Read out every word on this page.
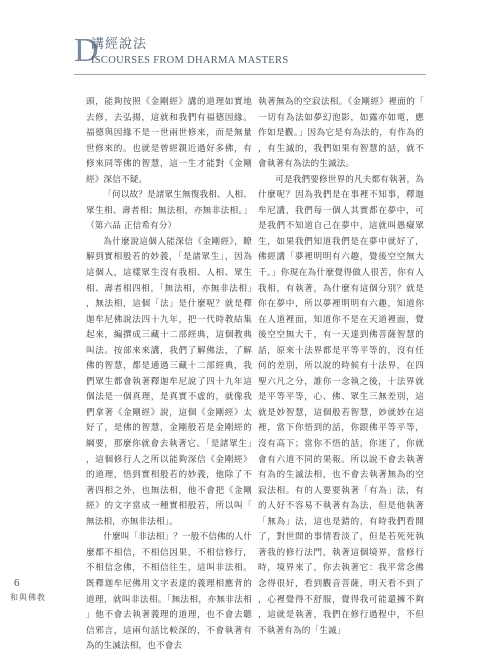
D
講經說法
ISCOURSES FROM DHARMA MASTERS

頭，能夠按照《金剛經》講的道理如實地去修，去弘揚，這就和我們有福德因緣。福德與因緣不是一世兩世修來，而是無量世修來的。也就是曾經親近過好多佛，有修來同等佛的智慧，這一生才能對《金剛經》深信不疑。

「何以故？是諸眾生無復我相、人相、眾生相、壽者相；無法相，亦無非法相。」（第六品 正信希有分）

為什麼說這個人能深信《金剛經》，瞭解到實相般若的妙義，「是諸眾生」，因為這個人，這樣眾生沒有我相、人相、眾生相、壽者相四相，「無法相，亦無非法相」，無法相，這個「法」是什麼呢？就是釋迦牟尼佛說法四十九年，把一代時教結集起來，編撰成三藏十二部經典，這個教典叫法。按部來來講，我們了解佛法，了解佛的智慧，都是通過三藏十二部經典，我們眾生都會執著釋迦牟尼說了四十九年這個法是一個真理，是真實不虛的，就像我們拿著《金剛經》說，這個《金剛經》太好了，是佛的智慧，金剛般若是金剛經的綱要，那麼你就會去執著它。「是諸眾生」，這個修行人之所以能夠深信《金剛經》的道理，悟到實相般若的妙義，他除了不著四相之外，也無法相，他不會把《金剛經》的文字當成一種實相般若，所以叫「無法相，亦無非法相」。

什麼叫「非法相」？一般不信佛的人什麼都不相信，不相信因果，不相信修行，不相信念佛，不相信往生，這叫非法相。既釋迦牟尼佛用文字表達的義理相應背的道理，就叫非法相。「無法相，亦無非法相」他不會去執著義理的道理，也不會去聽信邪言，這兩句話比較深的，不會執著有為的生滅法相，也不會去

執著無為的空寂法相。《金剛經》裡面的「一切有為法如夢幻泡影，如露亦如電，應作如是觀。」因為它是有為法的，有作為的，有生滅的，我們如果有智慧的話，就不會執著有為法的生滅法。

可是我們要修世界的凡夫都有執著，為什麼呢？因為我們是在事裡不知事，釋迦牟尼講，我們每一個人其實都在夢中，可是我們不知道自己在夢中，這就叫愚癡眾生，如果我們知道我們是在夢中就好了，佛經講「夢裡明明有六趣，覺後空空無大千。」你現在為什麼覺得做人很苦，你有人我相，有執著，為什麼有這個分別？就是你在夢中，所以夢裡明明有六趣，知道你在人道裡面，知道你不是在天道裡面，覺後空空無大千，有一天達到佛菩薩智慧的話，原來十法界都是平等平等的，沒有任何的差別，所以說的時候有十法界，在四聖六凡之分，誰你一念執之後，十法界就是平等平等，心、佛、眾生三無差別，這就是妙智慧，這個般若智慧，妙就妙在這裡，當下你悟到的話，你跟佛平等平等，沒有高下；當你不悟的話，你迷了，你就會有六道不同的果報。所以說不會去執著有為的生滅法相，也不會去執著無為的空寂法相。有的人要要執著「有為」法，有的人好不容易不執著有為法，但是他執著「無為」法，這也是錯的，有時我們看開了，對世間的事情看淡了，但是若死死執著我的修行法門，執著這個境界，當修行時，境界來了，你去執著它：我平常念佛念得很好，看到觀音菩薩，明天看不到了，心裡覺得不舒服，覺得我可能還擁不夠，這就是執著，我們在修行過程中，不但不執著有為的「生滅」

6
和與佛教
